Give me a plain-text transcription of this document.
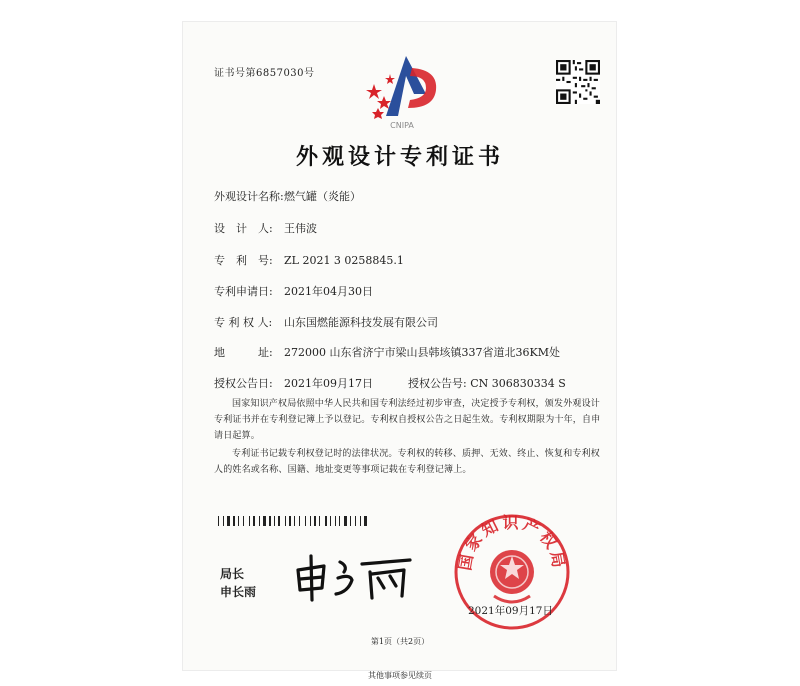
证书号第6857030号
CNIPA
外观设计专利证书
外观设计名称:燃气罐（炎能）
设　计　人: 王伟波
专　利　号: ZL 2021 3 0258845.1
专利申请日: 2021年04月30日
专 利 权 人: 山东国燃能源科技发展有限公司
地　　　址: 272000 山东省济宁市梁山县韩垓镇337省道北36KM处
授权公告日: 2021年09月17日	授权公告号: CN 306830334 S
国家知识产权局依照中华人民共和国专利法经过初步审查，决定授予专利权，颁发外观设计专利证书并在专利登记簿上予以登记。专利权自授权公告之日起生效。专利权期限为十年，自申请日起算。
专利证书记载专利权登记时的法律状况。专利权的转移、质押、无效、终止、恢复和专利权人的姓名或名称、国籍、地址变更等事项记载在专利登记簿上。
局长
申长雨
国家知识产权局
2021年09月17日
第1页（共2页）
其他事项参见续页
